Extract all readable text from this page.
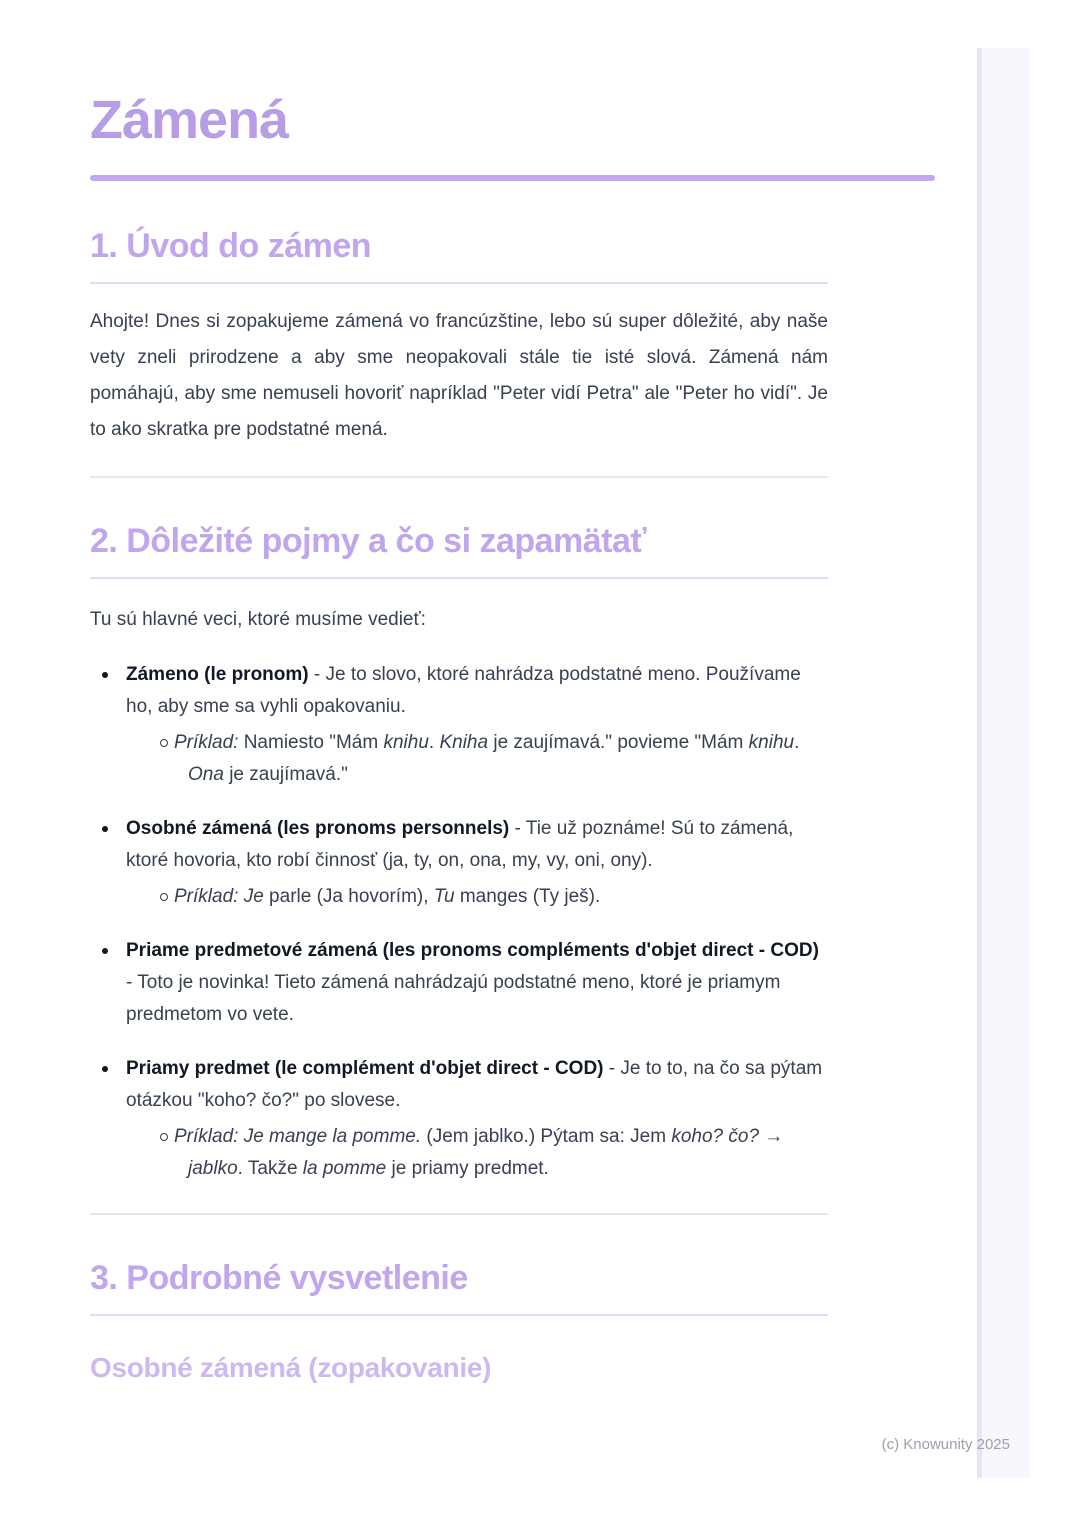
Zámená
1. Úvod do zámen

Ahojte! Dnes si zopakujeme zámená vo francúzštine, lebo sú super dôležité, aby naše vety zneli prirodzene a aby sme neopakovali stále tie isté slová. Zámená nám pomáhajú, aby sme nemuseli hovoriť napríklad "Peter vidí Petra" ale "Peter ho vidí". Je to ako skratka pre podstatné mená.

2. Dôležité pojmy a čo si zapamätať

Tu sú hlavné veci, ktoré musíme vedieť:

Zámeno (le pronom) - Je to slovo, ktoré nahrádza podstatné meno. Používame ho, aby sme sa vyhli opakovaniu.
Príklad: Namiesto "Mám knihu. Kniha je zaujímavá." povieme "Mám knihu. Ona je zaujímavá."
Osobné zámená (les pronoms personnels) - Tie už poznáme! Sú to zámená, ktoré hovoria, kto robí činnosť (ja, ty, on, ona, my, vy, oni, ony).
Príklad: Je parle (Ja hovorím), Tu manges (Ty ješ).
Priame predmetové zámená (les pronoms compléments d'objet direct - COD) - Toto je novinka! Tieto zámená nahrádzajú podstatné meno, ktoré je priamym predmetom vo vete.
Priamy predmet (le complément d'objet direct - COD) - Je to to, na čo sa pýtam otázkou "koho? čo?" po slovese.
Príklad: Je mange la pomme. (Jem jablko.) Pýtam sa: Jem koho? čo? → jablko. Takže la pomme je priamy predmet.
3. Podrobné vysvetlenie
Osobné zámená (zopakovanie)
(c) Knowunity 2025
